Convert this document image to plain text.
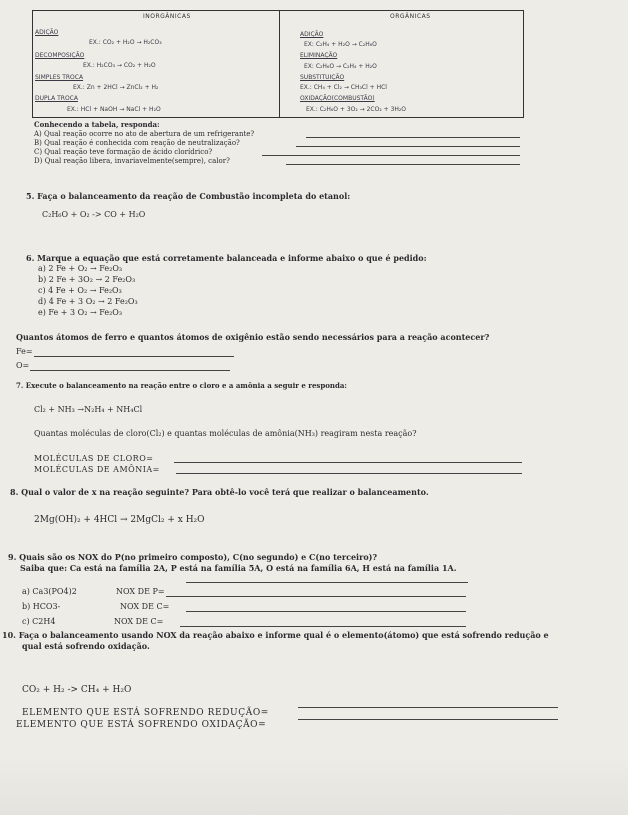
INORGÂNICAS
ADIÇÃO
EX.: CO₂ + H₂O → H₂CO₃
DECOMPOSIÇÃO
EX.: H₂CO₃ → CO₂ + H₂O
SIMPLES TROCA
EX.: Zn + 2HCl → ZnCl₂ + H₂
DUPLA TROCA
EX.: HCl + NaOH → NaCl + H₂O

ORGÂNICAS
ADIÇÃO
EX: C₂H₄ + H₂O → C₂H₆O
ELIMINAÇÃO
EX: C₂H₆O → C₂H₄ + H₂O
SUBSTITUIÇÃO
EX.: CH₄ + Cl₂ → CH₃Cl + HCl
OXIDAÇÃO(COMBUSTÃO)
EX.: C₂H₆O + 3O₂ → 2CO₂ + 3H₂O
Conhecendo a tabela, responda:
A) Qual reação ocorre no ato de abertura de um refrigerante?
B) Qual reação é conhecida com reação de neutralização?
C) Qual reação teve formação de ácido clorídrico?
D) Qual reação libera, invariavelmente(sempre), calor?
5. Faça o balanceamento da reação de Combustão incompleta do etanol:
C₂H₆O + O₂ -> CO + H₂O
6. Marque a equação que está corretamente balanceada e informe abaixo o que é pedido:
a) 2 Fe + O₂ → Fe₂O₃
b) 2 Fe + 3O₂ → 2 Fe₂O₃
c) 4 Fe + O₂ → Fe₂O₃
d) 4 Fe + 3 O₂ → 2 Fe₂O₃
e) Fe + 3 O₂ → Fe₂O₃
Quantos átomos de ferro e quantos átomos de oxigênio estão sendo necessários para a reação acontecer?
Fe=
O=
7. Execute o balanceamento na reação entre o cloro e a amônia a seguir e responda:
Cl₂ + NH₃ →N₂H₄ + NH₄Cl
Quantas moléculas de cloro(Cl₂) e quantas moléculas de amônia(NH₃) reagiram nesta reação?
MOLÉCULAS DE CLORO=
MOLÉCULAS DE AMÔNIA=
8. Qual o valor de x na reação seguinte? Para obtê-lo você terá que realizar o balanceamento.
2Mg(OH)₂ + 4HCl → 2MgCl₂ + x H₂O
9. Quais são os NOX do P(no primeiro composto), C(no segundo) e C(no terceiro)?
Saiba que: Ca está na família 2A, P está na família 5A, O está na família 6A, H está na família 1A.
a) Ca3(PO4)2	NOX DE P=
b) HCO3-	NOX DE C=
c) C2H4	NOX DE C=
10. Faça o balanceamento usando NOX da reação abaixo e informe qual é o elemento(átomo) que está sofrendo redução e
qual está sofrendo oxidação.
CO₂ + H₂ -> CH₄ + H₂O
ELEMENTO QUE ESTÁ SOFRENDO REDUÇÃO=
ELEMENTO QUE ESTÁ SOFRENDO OXIDAÇÃO=
